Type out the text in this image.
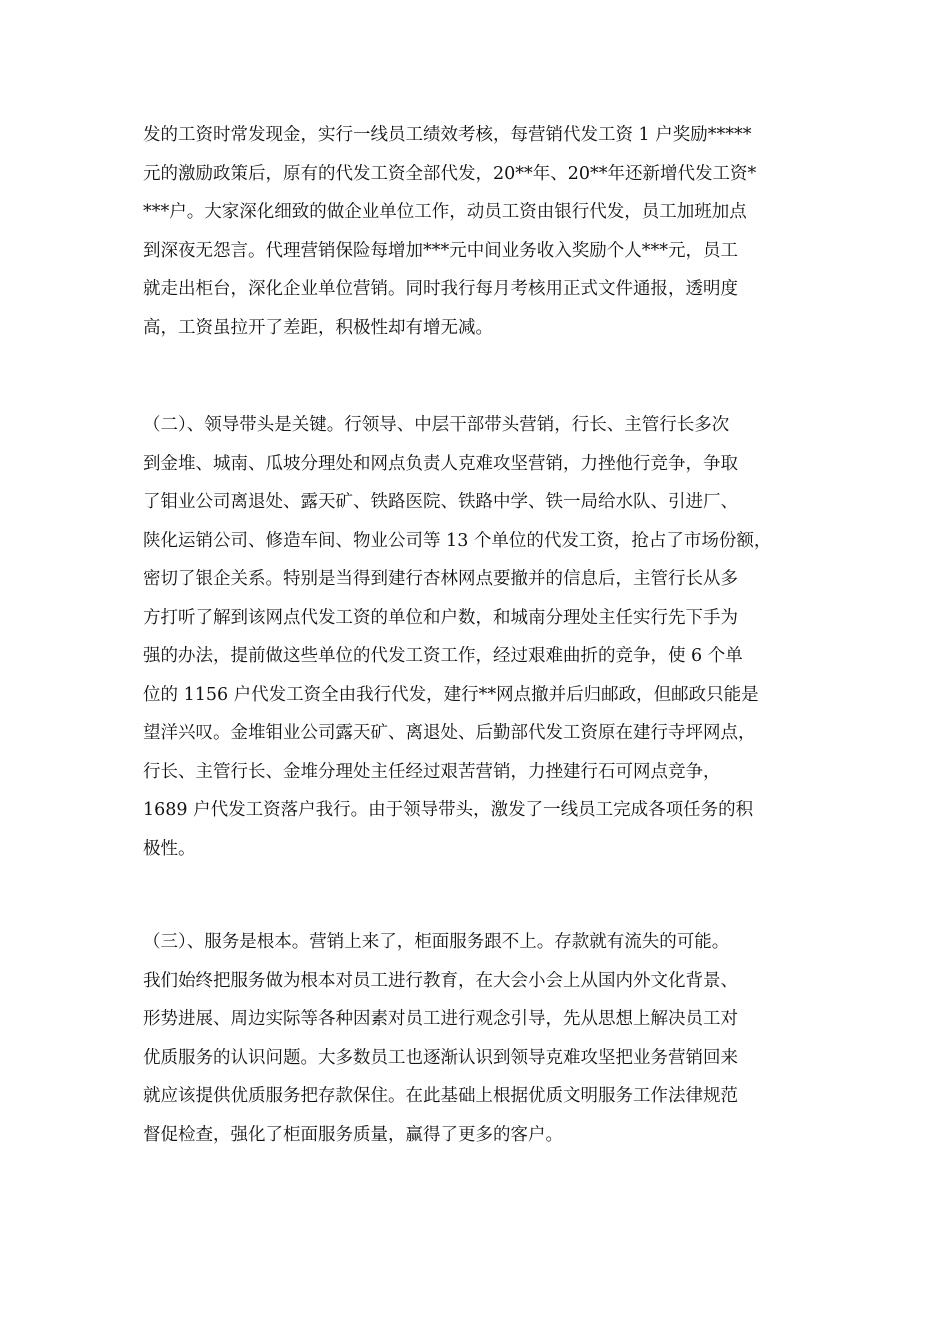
发的工资时常发现金，实行一线员工绩效考核，每营销代发工资 1 户奖励*****
元的激励政策后，原有的代发工资全部代发，20**年、20**年还新增代发工资*
***户。大家深化细致的做企业单位工作，动员工资由银行代发，员工加班加点
到深夜无怨言。代理营销保险每增加***元中间业务收入奖励个人***元，员工
就走出柜台，深化企业单位营销。同时我行每月考核用正式文件通报，透明度
高，工资虽拉开了差距，积极性却有增无减。
（二）、领导带头是关键。行领导、中层干部带头营销，行长、主管行长多次
到金堆、城南、瓜坡分理处和网点负责人克难攻坚营销，力挫他行竞争，争取
了钼业公司离退处、露天矿、铁路医院、铁路中学、铁一局给水队、引进厂、
陕化运销公司、修造车间、物业公司等 13 个单位的代发工资，抢占了市场份额，
密切了银企关系。特别是当得到建行杏林网点要撤并的信息后，主管行长从多
方打听了解到该网点代发工资的单位和户数，和城南分理处主任实行先下手为
强的办法，提前做这些单位的代发工资工作，经过艰难曲折的竞争，使 6 个单
位的 1156 户代发工资全由我行代发，建行**网点撤并后归邮政，但邮政只能是
望洋兴叹。金堆钼业公司露天矿、离退处、后勤部代发工资原在建行寺坪网点，
行长、主管行长、金堆分理处主任经过艰苦营销，力挫建行石可网点竞争，
1689 户代发工资落户我行。由于领导带头，激发了一线员工完成各项任务的积
极性。
（三）、服务是根本。营销上来了，柜面服务跟不上。存款就有流失的可能。
我们始终把服务做为根本对员工进行教育，在大会小会上从国内外文化背景、
形势进展、周边实际等各种因素对员工进行观念引导，先从思想上解决员工对
优质服务的认识问题。大多数员工也逐渐认识到领导克难攻坚把业务营销回来
就应该提供优质服务把存款保住。在此基础上根据优质文明服务工作法律规范
督促检查，强化了柜面服务质量，赢得了更多的客户。
